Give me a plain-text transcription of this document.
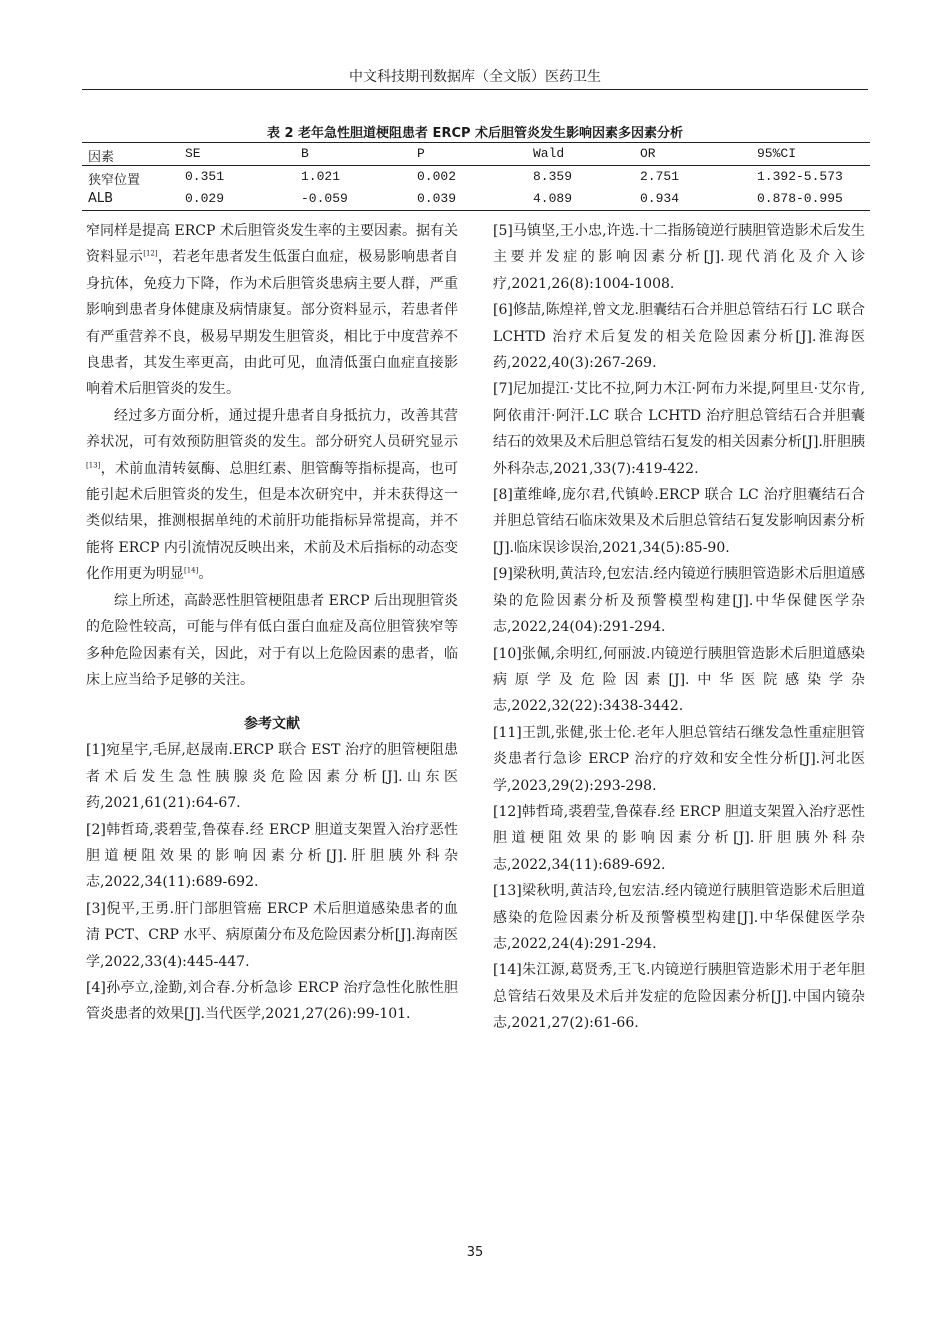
中文科技期刊数据库（全文版）医药卫生
表 2 老年急性胆道梗阻患者 ERCP 术后胆管炎发生影响因素多因素分析
因素	SE	B	P	Wald	OR	95%CI
狭窄位置	0.351	1.021	0.002	8.359	2.751	1.392-5.573
ALB	0.029	-0.059	0.039	4.089	0.934	0.878-0.995

窄同样是提高 ERCP 术后胆管炎发生率的主要因素。据有关资料显示[12]，若老年患者发生低蛋白血症，极易影响患者自身抗体，免疫力下降，作为术后胆管炎患病主要人群，严重影响到患者身体健康及病情康复。部分资料显示，若患者伴有严重营养不良，极易早期发生胆管炎，相比于中度营养不良患者，其发生率更高，由此可见，血清低蛋白血症直接影响着术后胆管炎的发生。

经过多方面分析，通过提升患者自身抵抗力，改善其营养状况，可有效预防胆管炎的发生。部分研究人员研究显示[13]，术前血清转氨酶、总胆红素、胆管酶等指标提高，也可能引起术后胆管炎的发生，但是本次研究中，并未获得这一类似结果，推测根据单纯的术前肝功能指标异常提高，并不能将 ERCP 内引流情况反映出来，术前及术后指标的动态变化作用更为明显[14]。

综上所述，高龄恶性胆管梗阻患者 ERCP 后出现胆管炎的危险性较高，可能与伴有低白蛋白血症及高位胆管狭窄等多种危险因素有关，因此，对于有以上危险因素的患者，临床上应当给予足够的关注。

参考文献

[1]宛星宇,毛屏,赵晟南.ERCP 联合 EST 治疗的胆管梗阻患者术后发生急性胰腺炎危险因素分析[J].山东医药,2021,61(21):64-67.

[2]韩哲琦,裘碧莹,鲁葆春.经 ERCP 胆道支架置入治疗恶性胆道梗阻效果的影响因素分析[J].肝胆胰外科杂志,2022,34(11):689-692.

[3]倪平,王勇.肝门部胆管癌 ERCP 术后胆道感染患者的血清 PCT、CRP 水平、病原菌分布及危险因素分析[J].海南医学,2022,33(4):445-447.

[4]孙亭立,淦勤,刘合春.分析急诊 ERCP 治疗急性化脓性胆管炎患者的效果[J].当代医学,2021,27(26):99-101.

[5]马镇坚,王小忠,许选.十二指肠镜逆行胰胆管造影术后发生主要并发症的影响因素分析[J].现代消化及介入诊疗,2021,26(8):1004-1008.

[6]修喆,陈煌祥,曾文龙.胆囊结石合并胆总管结石行 LC 联合 LCHTD 治疗术后复发的相关危险因素分析[J].淮海医药,2022,40(3):267-269.

[7]尼加提江·艾比不拉,阿力木江·阿布力米提,阿里旦·艾尔肯,阿依甫汗·阿汗.LC 联合 LCHTD 治疗胆总管结石合并胆囊结石的效果及术后胆总管结石复发的相关因素分析[J].肝胆胰外科杂志,2021,33(7):419-422.

[8]董维峰,庞尔君,代镇岭.ERCP 联合 LC 治疗胆囊结石合并胆总管结石临床效果及术后胆总管结石复发影响因素分析[J].临床误诊误治,2021,34(5):85-90.

[9]梁秋明,黄洁玲,包宏洁.经内镜逆行胰胆管造影术后胆道感染的危险因素分析及预警模型构建[J].中华保健医学杂志,2022,24(04):291-294.

[10]张佩,余明红,何丽波.内镜逆行胰胆管造影术后胆道感染病原学及危险因素[J].中华医院感染学杂志,2022,32(22):3438-3442.

[11]王凯,张健,张士伦.老年人胆总管结石继发急性重症胆管炎患者行急诊 ERCP 治疗的疗效和安全性分析[J].河北医学,2023,29(2):293-298.

[12]韩哲琦,裘碧莹,鲁葆春.经 ERCP 胆道支架置入治疗恶性胆道梗阻效果的影响因素分析[J].肝胆胰外科杂志,2022,34(11):689-692.

[13]梁秋明,黄洁玲,包宏洁.经内镜逆行胰胆管造影术后胆道感染的危险因素分析及预警模型构建[J].中华保健医学杂志,2022,24(4):291-294.

[14]朱江源,葛贤秀,王飞.内镜逆行胰胆管造影术用于老年胆总管结石效果及术后并发症的危险因素分析[J].中国内镜杂志,2021,27(2):61-66.

35
